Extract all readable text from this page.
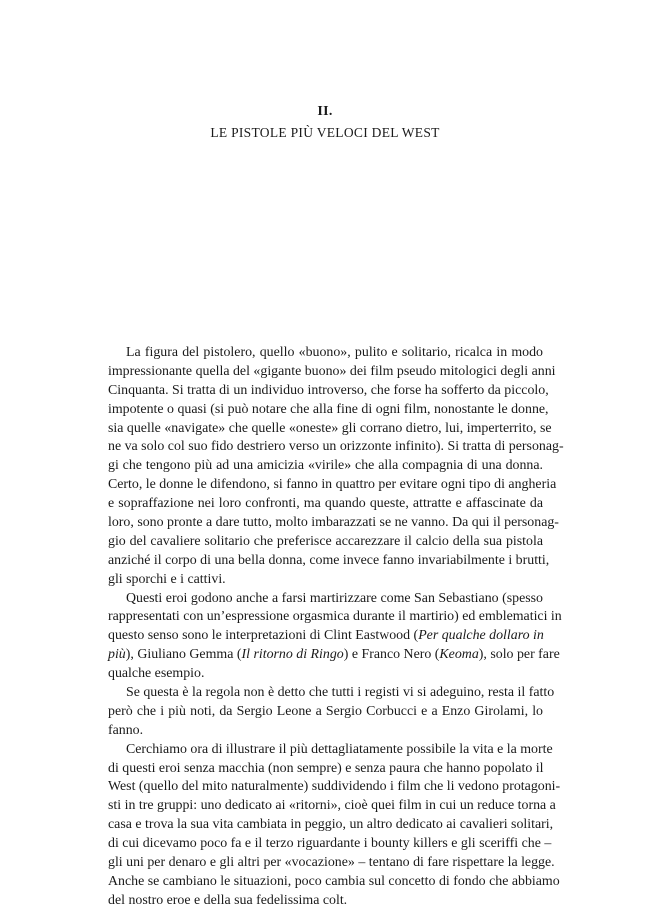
II.
LE PISTOLE PIÙ VELOCI DEL WEST
La figura del pistolero, quello «buono», pulito e solitario, ricalca in modo
impressionante quella del «gigante buono» dei film pseudo mitologici degli anni
Cinquanta. Si tratta di un individuo introverso, che forse ha sofferto da piccolo,
impotente o quasi (si può notare che alla fine di ogni film, nonostante le donne,
sia quelle «navigate» che quelle «oneste» gli corrano dietro, lui, imperterrito, se
ne va solo col suo fido destriero verso un orizzonte infinito). Si tratta di personag-
gi che tengono più ad una amicizia «virile» che alla compagnia di una donna.
Certo, le donne le difendono, si fanno in quattro per evitare ogni tipo di angheria
e sopraffazione nei loro confronti, ma quando queste, attratte e affascinate da
loro, sono pronte a dare tutto, molto imbarazzati se ne vanno. Da qui il personag-
gio del cavaliere solitario che preferisce accarezzare il calcio della sua pistola
anziché il corpo di una bella donna, come invece fanno invariabilmente i brutti,
gli sporchi e i cattivi.
Questi eroi godono anche a farsi martirizzare come San Sebastiano (spesso
rappresentati con un’espressione orgasmica durante il martirio) ed emblematici in
questo senso sono le interpretazioni di Clint Eastwood (Per qualche dollaro in
più), Giuliano Gemma (Il ritorno di Ringo) e Franco Nero (Keoma), solo per fare
qualche esempio.
Se questa è la regola non è detto che tutti i registi vi si adeguino, resta il fatto
però che i più noti, da Sergio Leone a Sergio Corbucci e a Enzo Girolami, lo
fanno.
Cerchiamo ora di illustrare il più dettagliatamente possibile la vita e la morte
di questi eroi senza macchia (non sempre) e senza paura che hanno popolato il
West (quello del mito naturalmente) suddividendo i film che li vedono protagoni-
sti in tre gruppi: uno dedicato ai «ritorni», cioè quei film in cui un reduce torna a
casa e trova la sua vita cambiata in peggio, un altro dedicato ai cavalieri solitari,
di cui dicevamo poco fa e il terzo riguardante i bounty killers e gli sceriffi che –
gli uni per denaro e gli altri per «vocazione» – tentano di fare rispettare la legge.
Anche se cambiano le situazioni, poco cambia sul concetto di fondo che abbiamo
del nostro eroe e della sua fedelissima colt.
